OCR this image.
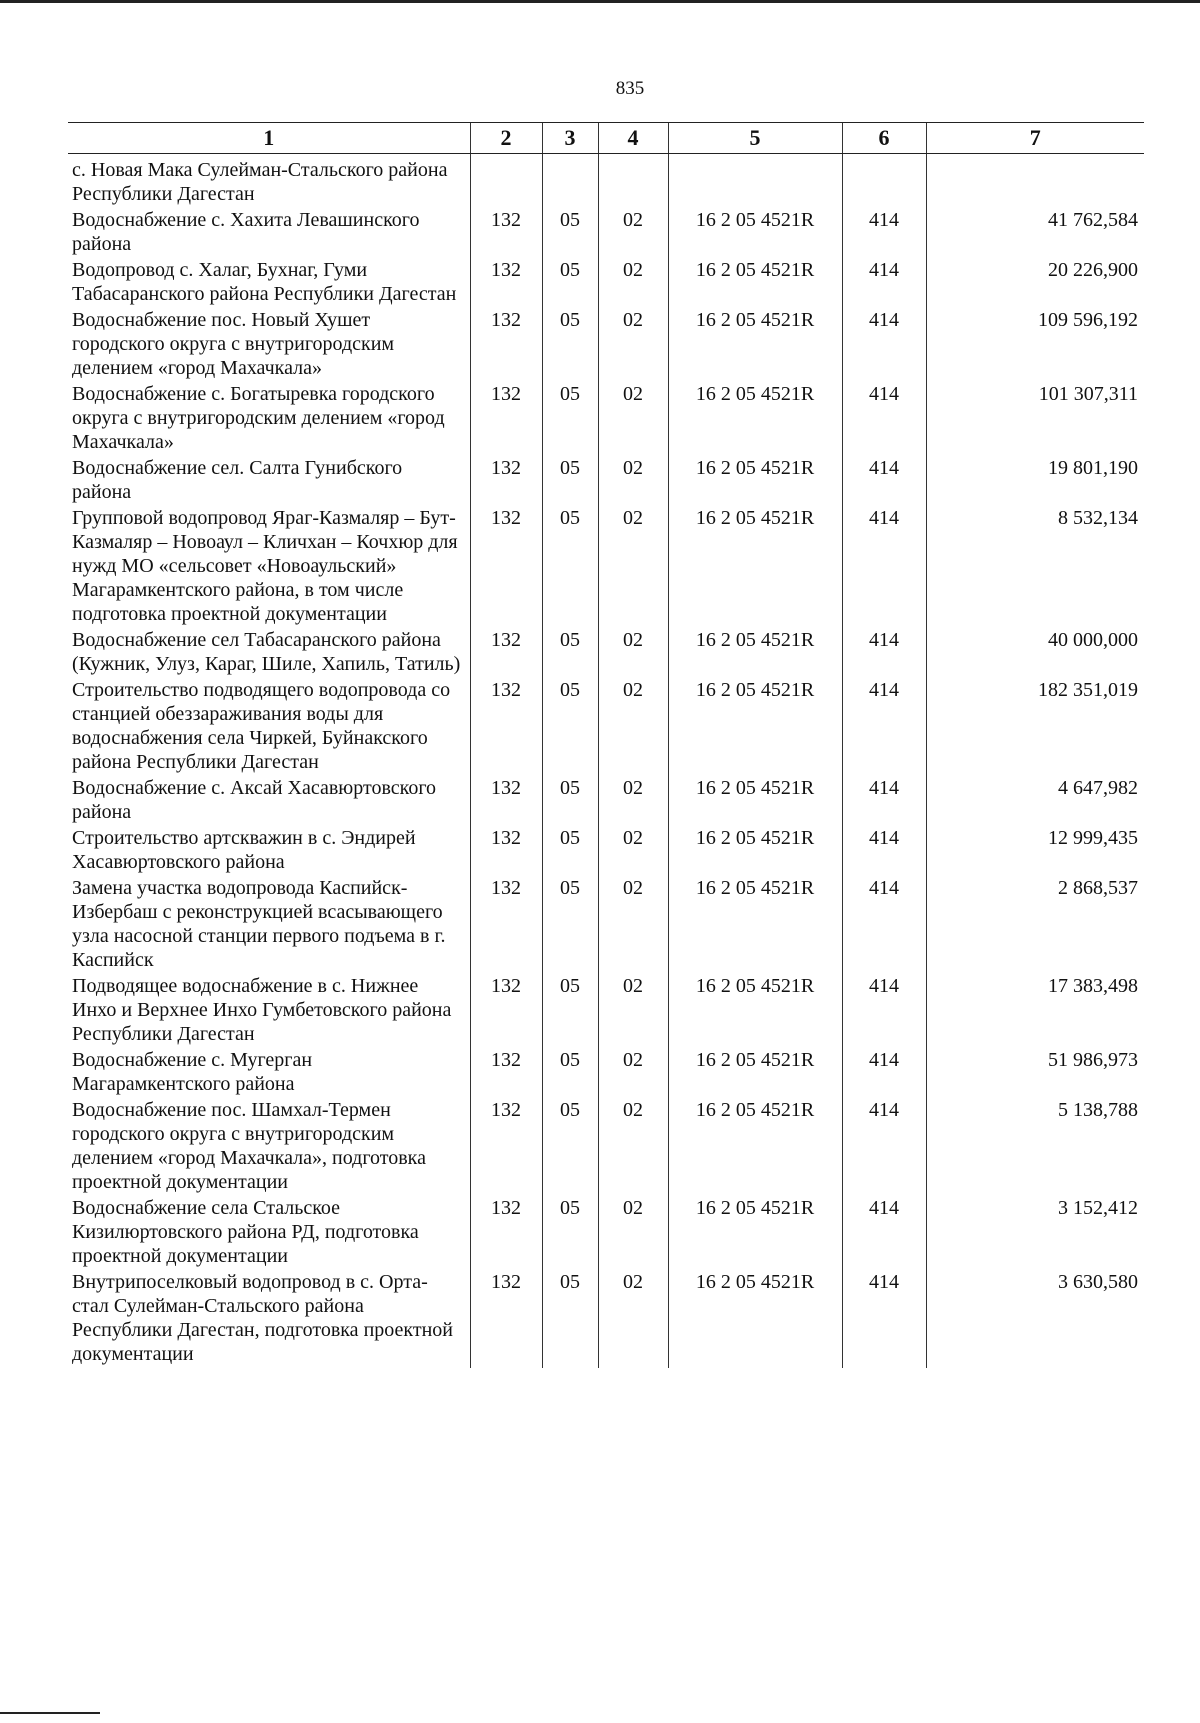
835
1	2	3	4	5	6	7
с. Новая Мака Сулейман-Стальского района Республики Дагестан						
Водоснабжение с. Хахита Левашинского района	132	05	02	16 2 05 4521R	414	41 762,584
Водопровод с. Халаг, Бухнаг, Гуми Табасаранского района Республики Дагестан	132	05	02	16 2 05 4521R	414	20 226,900
Водоснабжение пос. Новый Хушет городского округа с внутригородским делением «город Махачкала»	132	05	02	16 2 05 4521R	414	109 596,192
Водоснабжение с. Богатыревка городского округа с внутригородским делением «город Махачкала»	132	05	02	16 2 05 4521R	414	101 307,311
Водоснабжение сел. Салта Гунибского района	132	05	02	16 2 05 4521R	414	19 801,190
Групповой водопровод Яраг-Казмаляр – Бут-Казмаляр – Новоаул – Кличхан – Кочхюр для нужд МО «сельсовет «Новоаульский» Магарамкентского района, в том числе подготовка проектной документации	132	05	02	16 2 05 4521R	414	8 532,134
Водоснабжение сел Табасаранского района (Кужник, Улуз, Караг, Шиле, Хапиль, Татиль)	132	05	02	16 2 05 4521R	414	40 000,000
Строительство подводящего водопровода со станцией обеззараживания воды для водоснабжения села Чиркей, Буйнакского района Республики Дагестан	132	05	02	16 2 05 4521R	414	182 351,019
Водоснабжение с. Аксай Хасавюртовского района	132	05	02	16 2 05 4521R	414	4 647,982
Строительство артскважин в с. Эндирей Хасавюртовского района	132	05	02	16 2 05 4521R	414	12 999,435
Замена участка водопровода Каспийск-Избербаш с реконструкцией всасывающего узла насосной станции первого подъема в г. Каспийск	132	05	02	16 2 05 4521R	414	2 868,537
Подводящее водоснабжение в с. Нижнее Инхо и Верхнее Инхо Гумбетовского района Республики Дагестан	132	05	02	16 2 05 4521R	414	17 383,498
Водоснабжение с. Мугерган Магарамкентского района	132	05	02	16 2 05 4521R	414	51 986,973
Водоснабжение пос. Шамхал-Термен городского округа с внутригородским делением «город Махачкала», подготовка проектной документации	132	05	02	16 2 05 4521R	414	5 138,788
Водоснабжение села Стальское Кизилюртовского района РД, подготовка проектной документации	132	05	02	16 2 05 4521R	414	3 152,412
Внутрипоселковый водопровод в с. Орта-стал Сулейман-Стальского района Республики Дагестан, подготовка проектной документации	132	05	02	16 2 05 4521R	414	3 630,580
